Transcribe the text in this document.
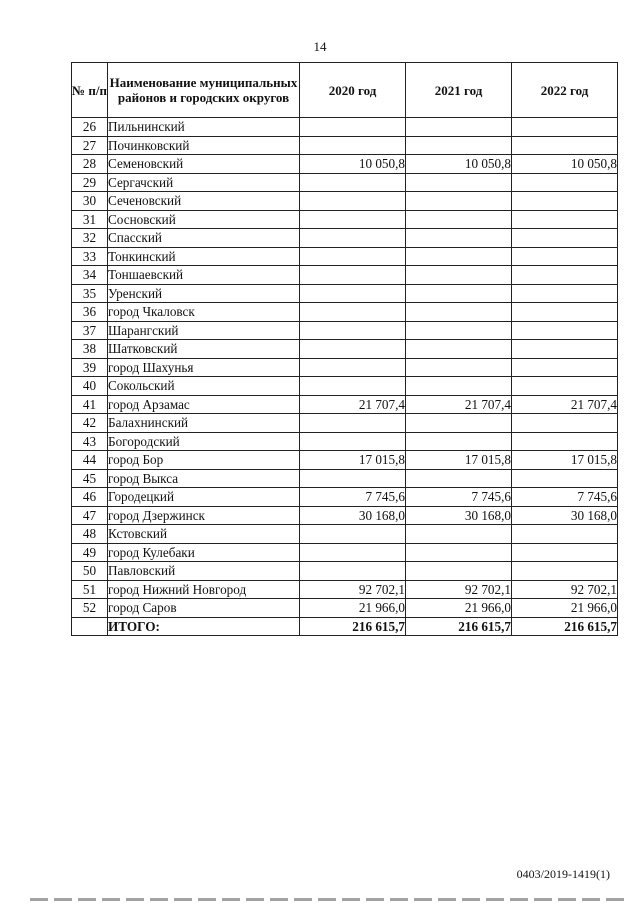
14
№ п/п	Наименование муниципальных районов и городских округов	2020 год	2021 год	2022 год
26	Пильнинский			
27	Починковский			
28	Семеновский	10 050,8	10 050,8	10 050,8
29	Сергачский			
30	Сеченовский			
31	Сосновский			
32	Спасский			
33	Тонкинский			
34	Тоншаевский			
35	Уренский			
36	город Чкаловск			
37	Шарангский			
38	Шатковский			
39	город Шахунья			
40	Сокольский			
41	город Арзамас	21 707,4	21 707,4	21 707,4
42	Балахнинский			
43	Богородский			
44	город Бор	17 015,8	17 015,8	17 015,8
45	город Выкса			
46	Городецкий	7 745,6	7 745,6	7 745,6
47	город Дзержинск	30 168,0	30 168,0	30 168,0
48	Кстовский			
49	город Кулебаки			
50	Павловский			
51	город Нижний Новгород	92 702,1	92 702,1	92 702,1
52	город Саров	21 966,0	21 966,0	21 966,0
	ИТОГО:	216 615,7	216 615,7	216 615,7
0403/2019-1419(1)
